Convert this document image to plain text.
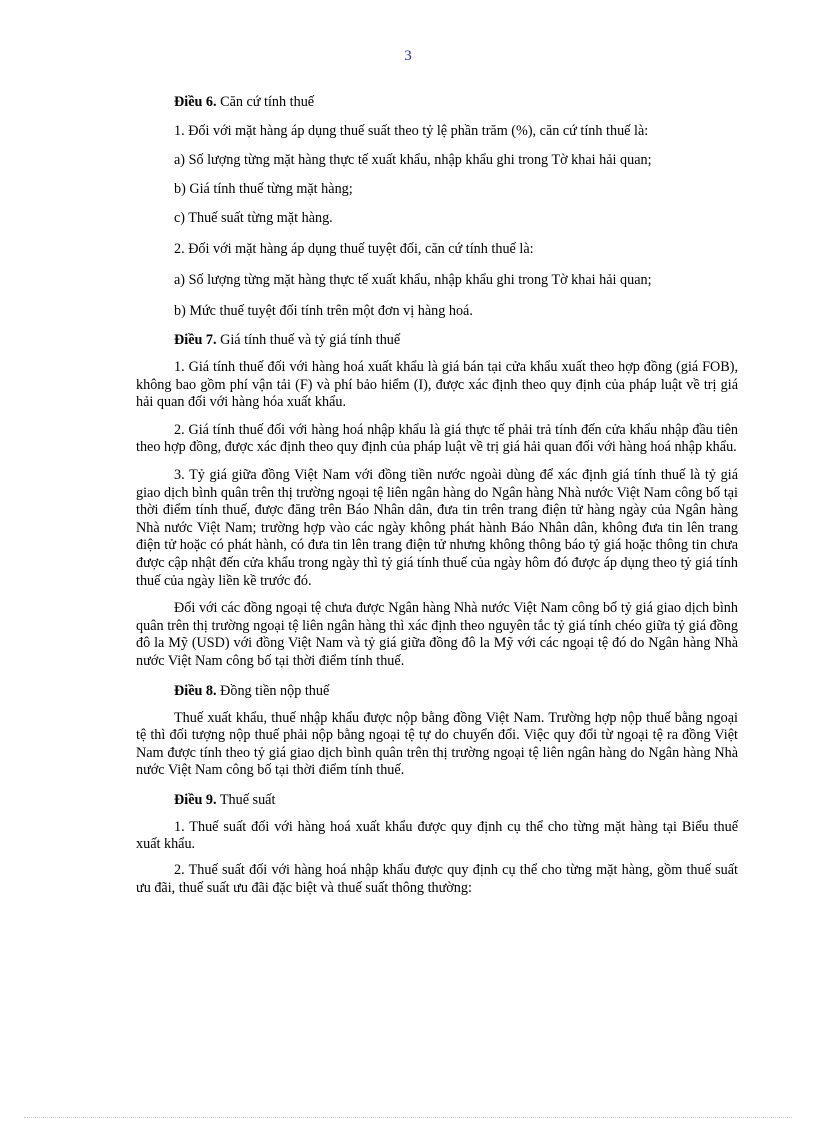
3
Điều 6. Căn cứ tính thuế
1. Đối với mặt hàng áp dụng thuế suất theo tỷ lệ phần trăm (%), căn cứ tính thuế là:
a) Số lượng từng mặt hàng thực tế xuất khẩu, nhập khẩu ghi trong Tờ khai hải quan;
b) Giá tính thuế từng mặt hàng;
c) Thuế suất từng mặt hàng.
2. Đối với mặt hàng áp dụng thuế tuyệt đối, căn cứ tính thuế là:
a) Số lượng từng mặt hàng thực tế xuất khẩu, nhập khẩu ghi trong Tờ khai hải quan;
b) Mức thuế tuyệt đối tính trên một đơn vị hàng hoá.
Điều 7. Giá tính thuế và tỷ giá tính thuế

1. Giá tính thuế đối với hàng hoá xuất khẩu là giá bán tại cửa khẩu xuất theo hợp đồng (giá FOB), không bao gồm phí vận tải (F) và phí bảo hiểm (I), được xác định theo quy định của pháp luật về trị giá hải quan đối với hàng hóa xuất khẩu.

2. Giá tính thuế đối với hàng hoá nhập khẩu là giá thực tế phải trả tính đến cửa khẩu nhập đầu tiên theo hợp đồng, được xác định theo quy định của pháp luật về trị giá hải quan đối với hàng hoá nhập khẩu.

3. Tỷ giá giữa đồng Việt Nam với đồng tiền nước ngoài dùng để xác định giá tính thuế là tỷ giá giao dịch bình quân trên thị trường ngoại tệ liên ngân hàng do Ngân hàng Nhà nước Việt Nam công bố tại thời điểm tính thuế, được đăng trên Báo Nhân dân, đưa tin trên trang điện tử hàng ngày của Ngân hàng Nhà nước Việt Nam; trường hợp vào các ngày không phát hành Báo Nhân dân, không đưa tin lên trang điện tử hoặc có phát hành, có đưa tin lên trang điện tử nhưng không thông báo tỷ giá hoặc thông tin chưa được cập nhật đến cửa khẩu trong ngày thì tỷ giá tính thuế của ngày hôm đó được áp dụng theo tỷ giá tính thuế của ngày liền kề trước đó.

Đối với các đồng ngoại tệ chưa được Ngân hàng Nhà nước Việt Nam công bố tỷ giá giao dịch bình quân trên thị trường ngoại tệ liên ngân hàng thì xác định theo nguyên tắc tỷ giá tính chéo giữa tỷ giá đồng đô la Mỹ (USD) với đồng Việt Nam và tỷ giá giữa đồng đô la Mỹ với các ngoại tệ đó do Ngân hàng Nhà nước Việt Nam công bố tại thời điểm tính thuế.

Điều 8. Đồng tiền nộp thuế

Thuế xuất khẩu, thuế nhập khẩu được nộp bằng đồng Việt Nam. Trường hợp nộp thuế bằng ngoại tệ thì đối tượng nộp thuế phải nộp bằng ngoại tệ tự do chuyển đổi. Việc quy đổi từ ngoại tệ ra đồng Việt Nam được tính theo tỷ giá giao dịch bình quân trên thị trường ngoại tệ liên ngân hàng do Ngân hàng Nhà nước Việt Nam công bố tại thời điểm tính thuế.

Điều 9. Thuế suất

1. Thuế suất đối với hàng hoá xuất khẩu được quy định cụ thể cho từng mặt hàng tại Biểu thuế xuất khẩu.

2. Thuế suất đối với hàng hoá nhập khẩu được quy định cụ thể cho từng mặt hàng, gồm thuế suất ưu đãi, thuế suất ưu đãi đặc biệt và thuế suất thông thường:
